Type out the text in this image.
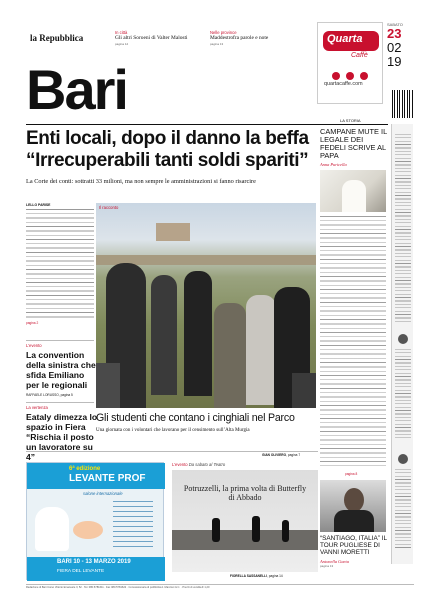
la Repubblica
In città
Gli altri Soroeni di Valter Malosti
pagina 12
Nelle province
Maddestrofra parole e note
pagina 13
Bari
Quarta
Caffè

quartacaffe.com
SABATO
23
02
19
Enti locali, dopo il danno la beffa
“Irrecuperabili tanti soldi spariti”
La Corte dei conti: sottratti 33 milioni, ma non sempre le amministrazioni si fanno risarcire
LELLO PARISE
pagina 2
L’evento
La convention della sinistra che sfida Emiliano per le regionali
RAFFAELE LORUSSO, pagina 5
La vertenza
Eataly dimezza lo spazio in Fiera “Rischia il posto un lavoratore su 4”
Il racconto
Gli studenti che contano i cinghiali nel Parco
Una giornata con i volontari che lavorano per il censimento sull’Alta Murgia
GIAN OLIVIERO, pagina 7
LA STORIA
CAMPANE MUTE IL LEGALE DEI FEDELI SCRIVE AL PAPA
Anna Puricella
pagina 8
“SANTIAGO, ITALIA” IL TOUR PUGLIESE DI VANNI MORETTI
Antonella Gaeta
pagina 13
6ª edizione
LEVANTE PROF
salone internazionale
BARI 10 - 13 MARZO 2019
FIERA DEL LEVANTE
L’evento Da sabato al Teatro
Potruzzelli, la prima volta di Butterfly di Abbado
FIORELLA SASSANELLI, pagina 14
Redazione di Bari Corso Vittorio Emanuele II, 52 · Tel. 080.5781611 · Fax 080.5781622 · Concessionaria di pubblicità A. Manzoni & C. · Prezzi di vendita € 1,20
